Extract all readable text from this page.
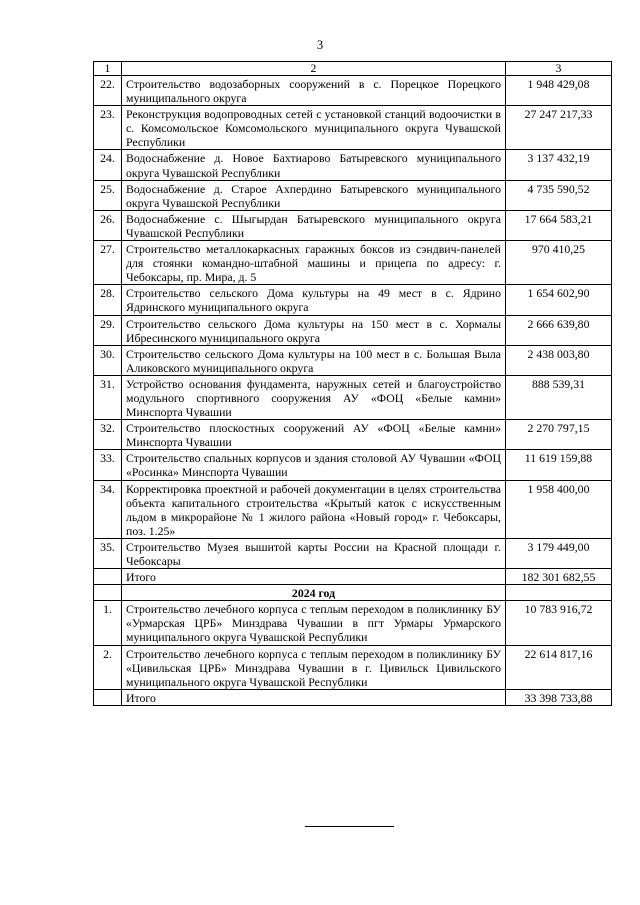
3
1	2	3
22.	Строительство водозаборных сооружений в с. Порецкое Порецкого муниципального округа	1 948 429,08
23.	Реконструкция водопроводных сетей с установкой станций водоочистки в с. Комсомольское Комсомольского муниципального округа Чувашской Республики	27 247 217,33
24.	Водоснабжение д. Новое Бахтиарово Батыревского муниципального округа Чувашской Республики	3 137 432,19
25.	Водоснабжение д. Старое Ахпердино Батыревского муниципального округа Чувашской Республики	4 735 590,52
26.	Водоснабжение с. Шыгырдан Батыревского муниципального округа Чувашской Республики	17 664 583,21
27.	Строительство металлокаркасных гаражных боксов из сэндвич-панелей для стоянки командно-штабной машины и прицепа по адресу: г. Чебоксары, пр. Мира, д. 5	970 410,25
28.	Строительство сельского Дома культуры на 49 мест в с. Ядрино Ядринского муниципального округа	1 654 602,90
29.	Строительство сельского Дома культуры на 150 мест в с. Хормалы Ибресинского муниципального округа	2 666 639,80
30.	Строительство сельского Дома культуры на 100 мест в с. Большая Выла Аликовского муниципального округа	2 438 003,80
31.	Устройство основания фундамента, наружных сетей и благоустройство модульного спортивного сооружения АУ «ФОЦ «Белые камни» Минспорта Чувашии	888 539,31
32.	Строительство плоскостных сооружений АУ «ФОЦ «Белые камни» Минспорта Чувашии	2 270 797,15
33.	Строительство спальных корпусов и здания столовой АУ Чувашии «ФОЦ «Росинка» Минспорта Чувашии	11 619 159,88
34.	Корректировка проектной и рабочей документации в целях строительства объекта капитального строительства «Крытый каток с искусственным льдом в микрорайоне № 1 жилого района «Новый город» г. Чебоксары, поз. 1.25»	1 958 400,00
35.	Строительство Музея вышитой карты России на Красной площади г. Чебоксары	3 179 449,00
	Итого	182 301 682,55
	2024 год	
1.	Строительство лечебного корпуса с теплым переходом в поликлинику БУ «Урмарская ЦРБ» Минздрава Чувашии в пгт Урмары Урмарского муниципального округа Чувашской Республики	10 783 916,72
2.	Строительство лечебного корпуса с теплым переходом в поликлинику БУ «Цивильская ЦРБ» Минздрава Чувашии в г. Цивильск Цивильского муниципального округа Чувашской Республики	22 614 817,16
	Итого	33 398 733,88
